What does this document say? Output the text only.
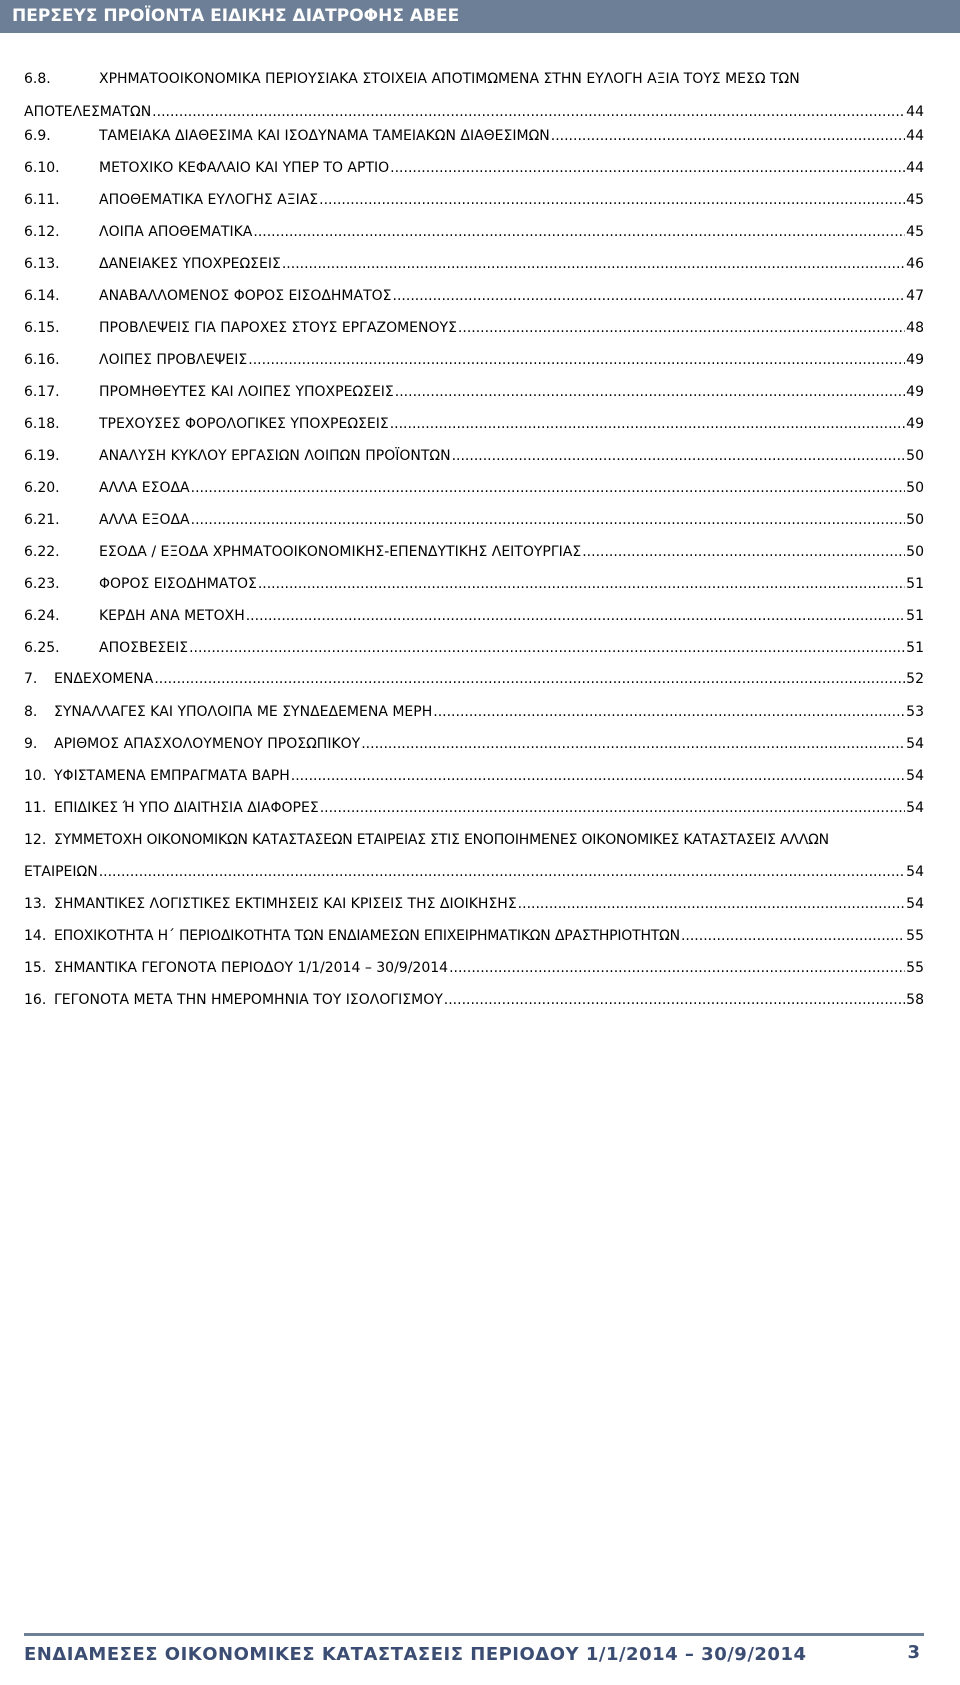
ΠΕΡΣΕΥΣ ΠΡΟΪΟΝΤΑ ΕΙΔΙΚΗΣ ΔΙΑΤΡΟΦΗΣ ΑΒΕΕ
6.8.	ΧΡΗΜΑΤΟΟΙΚΟΝΟΜΙΚΑ ΠΕΡΙΟΥΣΙΑΚΑ ΣΤΟΙΧΕΙΑ ΑΠΟΤΙΜΩΜΕΝΑ ΣΤΗΝ ΕΥΛΟΓΗ ΑΞΙΑ ΤΟΥΣ ΜΕΣΩ ΤΩΝ
ΑΠΟΤΕΛΕΣΜΑΤΩΝ .....	44
6.9.	ΤΑΜΕΙΑΚΑ ΔΙΑΘΕΣΙΜΑ ΚΑΙ ΙΣΟΔΥΝΑΜΑ ΤΑΜΕΙΑΚΩΝ ΔΙΑΘΕΣΙΜΩΝ .....	44
6.10.	ΜΕΤΟΧΙΚΟ ΚΕΦΑΛΑΙΟ ΚΑΙ ΥΠΕΡ ΤΟ ΑΡΤΙΟ .....	44
6.11.	ΑΠΟΘΕΜΑΤΙΚΑ ΕΥΛΟΓΗΣ ΑΞΙΑΣ .....	45
6.12.	ΛΟΙΠΑ ΑΠΟΘΕΜΑΤΙΚΑ .....	45
6.13.	ΔΑΝΕΙΑΚΕΣ ΥΠΟΧΡΕΩΣΕΙΣ .....	46
6.14.	ΑΝΑΒΑΛΛΟΜΕΝΟΣ ΦΟΡΟΣ ΕΙΣΟΔΗΜΑΤΟΣ .....	47
6.15.	ΠΡΟΒΛΕΨΕΙΣ ΓΙΑ ΠΑΡΟΧΕΣ ΣΤΟΥΣ ΕΡΓΑΖΟΜΕΝΟΥΣ .....	48
6.16.	ΛΟΙΠΕΣ ΠΡΟΒΛΕΨΕΙΣ .....	49
6.17.	ΠΡΟΜΗΘΕΥΤΕΣ ΚΑΙ ΛΟΙΠΕΣ ΥΠΟΧΡΕΩΣΕΙΣ .....	49
6.18.	ΤΡΕΧΟΥΣΕΣ ΦΟΡΟΛΟΓΙΚΕΣ ΥΠΟΧΡΕΩΣΕΙΣ .....	49
6.19.	ΑΝΑΛΥΣΗ ΚΥΚΛΟΥ ΕΡΓΑΣΙΩΝ ΛΟΙΠΩΝ ΠΡΟΪΟΝΤΩΝ .....	50
6.20.	ΑΛΛΑ ΕΣΟΔΑ .....	50
6.21.	ΑΛΛΑ ΕΞΟΔΑ .....	50
6.22.	ΕΣΟΔΑ / ΕΞΟΔΑ ΧΡΗΜΑΤΟΟΙΚΟΝΟΜΙΚΗΣ-ΕΠΕΝΔΥΤΙΚΗΣ ΛΕΙΤΟΥΡΓΙΑΣ .....	50
6.23.	ΦΟΡΟΣ ΕΙΣΟΔΗΜΑΤΟΣ .....	51
6.24.	ΚΕΡΔΗ ΑΝΑ ΜΕΤΟΧΗ .....	51
6.25.	ΑΠΟΣΒΕΣΕΙΣ .....	51
7. ΕΝΔΕΧΟΜΕΝΑ .....	52
8. ΣΥΝΑΛΛΑΓΕΣ ΚΑΙ ΥΠΟΛΟΙΠΑ ΜΕ ΣΥΝΔΕΔΕΜΕΝΑ ΜΕΡΗ .....	53
9. ΑΡΙΘΜΟΣ ΑΠΑΣΧΟΛΟΥΜΕΝΟΥ ΠΡΟΣΩΠΙΚΟΥ .....	54
10. ΥΦΙΣΤΑΜΕΝΑ ΕΜΠΡΑΓΜΑΤΑ ΒΑΡΗ .....	54
11. ΕΠΙΔΙΚΕΣ Ή ΥΠΟ ΔΙΑΙΤΗΣΙΑ ΔΙΑΦΟΡΕΣ .....	54
12. ΣΥΜΜΕΤΟΧΗ ΟΙΚΟΝΟΜΙΚΩΝ ΚΑΤΑΣΤΑΣΕΩΝ ΕΤΑΙΡΕΙΑΣ ΣΤΙΣ ΕΝΟΠΟΙΗΜΕΝΕΣ ΟΙΚΟΝΟΜΙΚΕΣ ΚΑΤΑΣΤΑΣΕΙΣ ΑΛΛΩΝ
ΕΤΑΙΡΕΙΩΝ .....	54
13. ΣΗΜΑΝΤΙΚΕΣ ΛΟΓΙΣΤΙΚΕΣ ΕΚΤΙΜΗΣΕΙΣ ΚΑΙ ΚΡΙΣΕΙΣ ΤΗΣ ΔΙΟΙΚΗΣΗΣ .....	54
14. ΕΠΟΧΙΚΟΤΗΤΑ Η΄ ΠΕΡΙΟΔΙΚΟΤΗΤΑ ΤΩΝ ΕΝΔΙΑΜΕΣΩΝ ΕΠΙΧΕΙΡΗΜΑΤΙΚΩΝ ΔΡΑΣΤΗΡΙΟΤΗΤΩΝ .....	55
15. ΣΗΜΑΝΤΙΚΑ ΓΕΓΟΝΟΤΑ ΠΕΡΙΟΔΟΥ 1/1/2014 – 30/9/2014 .....	55
16. ΓΕΓΟΝΟΤΑ ΜΕΤΑ ΤΗΝ ΗΜΕΡΟΜΗΝΙΑ ΤΟΥ ΙΣΟΛΟΓΙΣΜΟΥ .....	58
ΕΝΔΙΑΜΕΣΕΣ ΟΙΚΟΝΟΜΙΚΕΣ ΚΑΤΑΣΤΑΣΕΙΣ ΠΕΡΙΟΔΟΥ 1/1/2014 – 30/9/2014	3
